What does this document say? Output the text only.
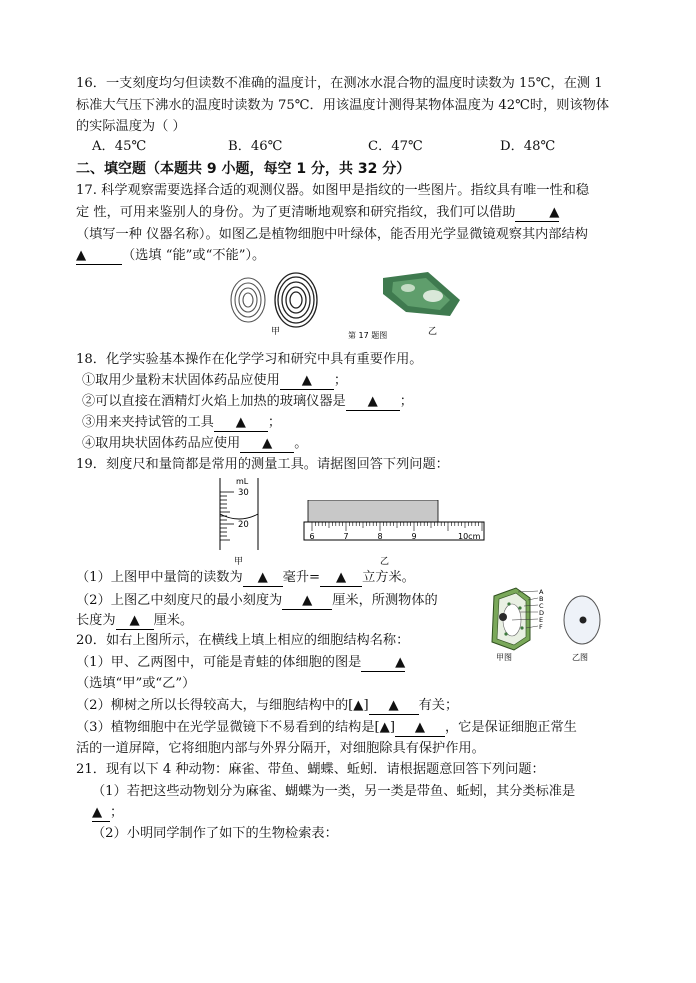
16．一支刻度均匀但读数不准确的温度计，在测冰水混合物的温度时读数为 15℃，在测 1
标准大气压下沸水的温度时读数为 75℃．用该温度计测得某物体温度为 42℃时，则该物体
的实际温度为（ ）
A．45℃	B．46℃	C．47℃	D．48℃
二、填空题（本题共 9 小题，每空 1 分，共 32 分）
17. 科学观察需要选择合适的观测仪器。如图甲是指纹的一些图片。指纹具有唯一性和稳
定 性，可用来鉴别人的身份。为了更清晰地观察和研究指纹，我们可以借助	▲
（填写一种 仪器名称）。如图乙是植物细胞中叶绿体，能否用光学显微镜观察其内部结构
▲	（选填 “能”或“不能”）。
甲	第 17 题图	乙
18．化学实验基本操作在化学学习和研究中具有重要作用。
①取用少量粉末状固体药品应使用 ▲ ；
②可以直接在酒精灯火焰上加热的玻璃仪器是 ▲ ；
③用来夹持试管的工具 ▲ ；
④取用块状固体药品应使用 ▲ 。
19．刻度尺和量筒都是常用的测量工具。请据图回答下列问题：
mL
30
20
甲
6	7	8	9	10cm
乙
（1）上图甲中量筒的读数为 ▲ 毫升= ▲ 立方米。
（2）上图乙中刻度尺的最小刻度为 ▲ 厘米，所测物体的
长度为 ▲ 厘米。
A
B
C
D
E
F
甲图	乙图
20．如右上图所示，在横线上填上相应的细胞结构名称：
（1）甲、乙两图中，可能是青蛙的体细胞的图是	▲
（选填“甲”或“乙”）
（2）柳树之所以长得较高大，与细胞结构中的[▲] ▲ 有关；
（3）植物细胞中在光学显微镜下不易看到的结构是[▲] ▲ ，它是保证细胞正常生
活的一道屏障，它将细胞内部与外界分隔开，对细胞除具有保护作用。
21．现有以下 4 种动物：麻雀、带鱼、蝴蝶、蚯蚓．请根据题意回答下列问题：
（1）若把这些动物划分为麻雀、蝴蝶为一类，另一类是带鱼、蚯蚓，其分类标准是
▲ ；
（2）小明同学制作了如下的生物检索表：
